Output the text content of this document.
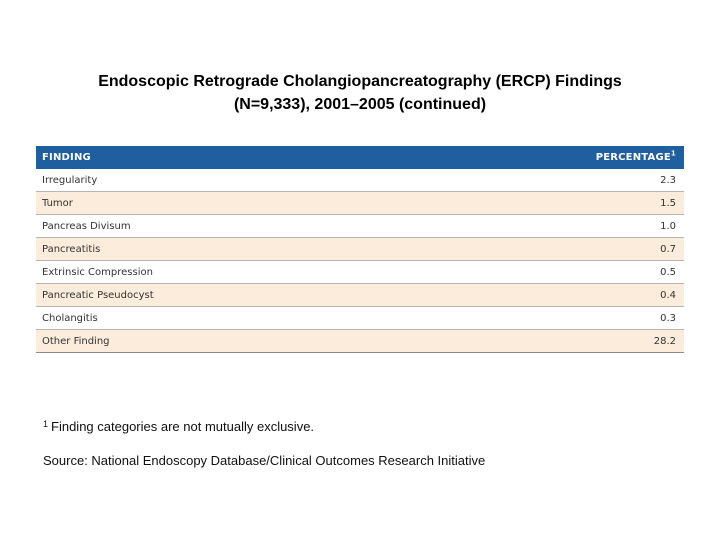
Endoscopic Retrograde Cholangiopancreatography (ERCP) Findings
(N=9,333), 2001–2005 (continued)
FINDING	PERCENTAGE$^1$
Irregularity	2.3
Tumor	1.5
Pancreas Divisum	1.0
Pancreatitis	0.7
Extrinsic Compression	0.5
Pancreatic Pseudocyst	0.4
Cholangitis	0.3
Other Finding	28.2
$^1$ Finding categories are not mutually exclusive.
Source: National Endoscopy Database/Clinical Outcomes Research Initiative
